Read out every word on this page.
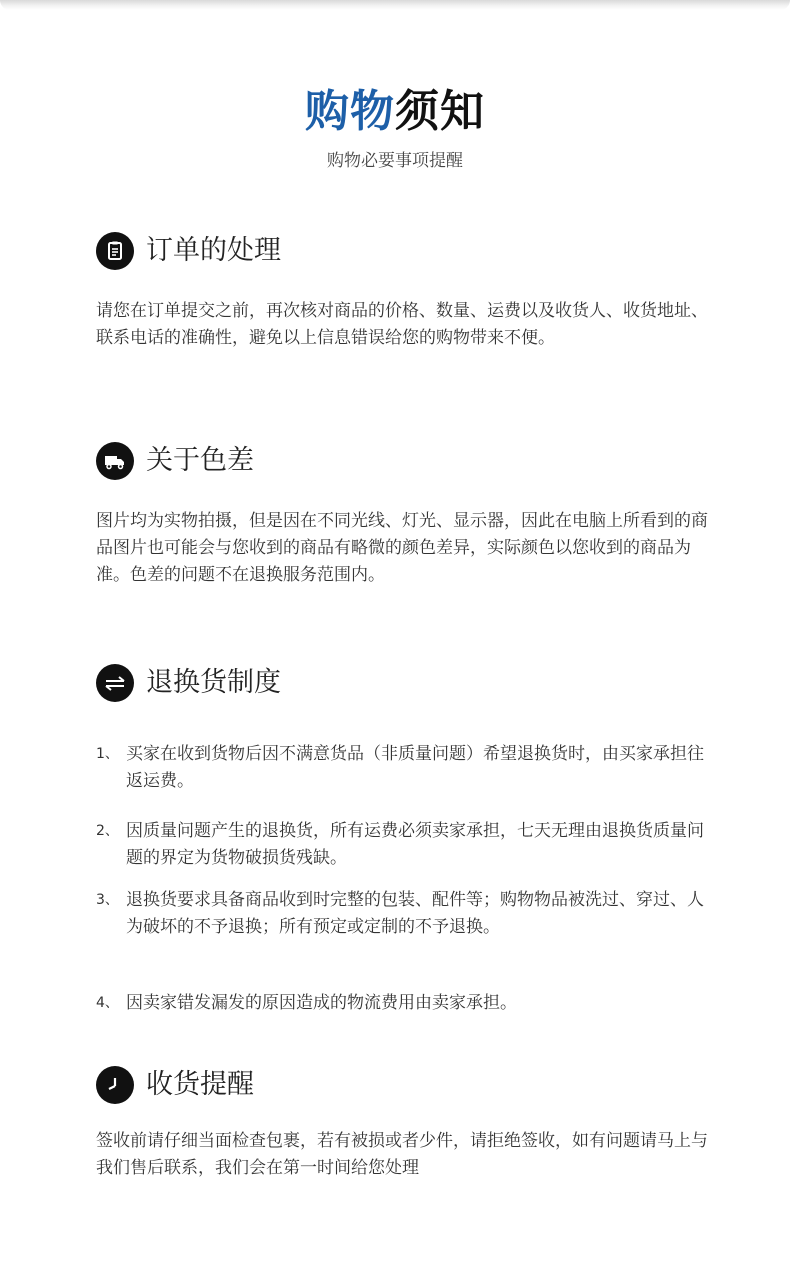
购物须知
购物必要事项提醒
订单的处理

请您在订单提交之前，再次核对商品的价格、数量、运费以及收货人、收货地址、联系电话的准确性，避免以上信息错误给您的购物带来不便。

关于色差

图片均为实物拍摄，但是因在不同光线、灯光、显示器，因此在电脑上所看到的商品图片也可能会与您收到的商品有略微的颜色差异，实际颜色以您收到的商品为准。色差的问题不在退换服务范围内。

退换货制度
1、 买家在收到货物后因不满意货品（非质量问题）希望退换货时，由买家承担往返运费。
2、 因质量问题产生的退换货，所有运费必须卖家承担，七天无理由退换货质量问题的界定为货物破损货残缺。
3、 退换货要求具备商品收到时完整的包装、配件等；购物物品被洗过、穿过、人为破坏的不予退换；所有预定或定制的不予退换。
4、 因卖家错发漏发的原因造成的物流费用由卖家承担。
收货提醒

签收前请仔细当面检查包裹，若有被损或者少件，请拒绝签收，如有问题请马上与我们售后联系，我们会在第一时间给您处理
